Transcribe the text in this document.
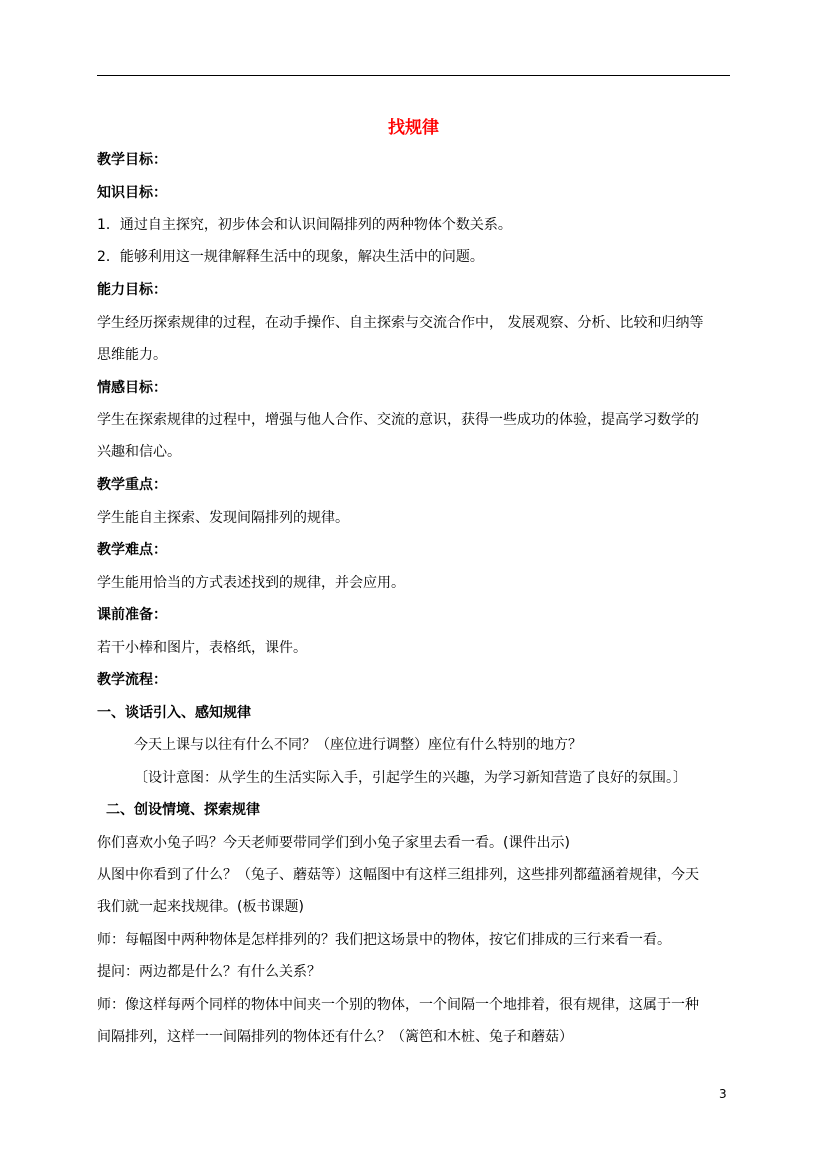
找规律
教学目标：
知识目标：
1．通过自主探究，初步体会和认识间隔排列的两种物体个数关系。
2．能够利用这一规律解释生活中的现象，解决生活中的问题。
能力目标：
学生经历探索规律的过程，在动手操作、自主探索与交流合作中， 发展观察、分析、比较和归纳等
思维能力。
情感目标：
学生在探索规律的过程中，增强与他人合作、交流的意识，获得一些成功的体验，提高学习数学的
兴趣和信心。
教学重点：
学生能自主探索、发现间隔排列的规律。
教学难点：
学生能用恰当的方式表述找到的规律，并会应用。
课前准备：
若干小棒和图片，表格纸，课件。
教学流程：
一、谈话引入、感知规律
今天上课与以往有什么不同？（座位进行调整）座位有什么特别的地方？
〔设计意图：从学生的生活实际入手，引起学生的兴趣，为学习新知营造了良好的氛围。〕
二、创设情境、探索规律
你们喜欢小兔子吗？今天老师要带同学们到小兔子家里去看一看。(课件出示)
从图中你看到了什么？（兔子、蘑菇等）这幅图中有这样三组排列，这些排列都蕴涵着规律，今天
我们就一起来找规律。(板书课题)
师：每幅图中两种物体是怎样排列的？我们把这场景中的物体，按它们排成的三行来看一看。
提问：两边都是什么？有什么关系？
师：像这样每两个同样的物体中间夹一个别的物体，一个间隔一个地排着，很有规律，这属于一种
间隔排列，这样一一间隔排列的物体还有什么？（篱笆和木桩、兔子和蘑菇）
3
